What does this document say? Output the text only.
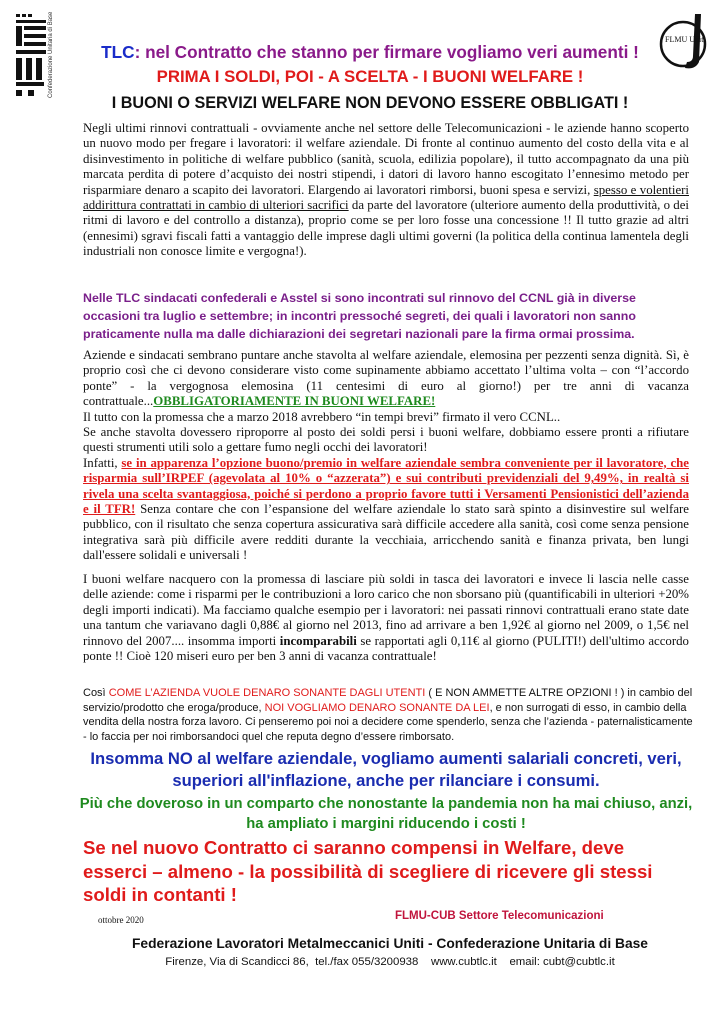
Confederazione Unitaria di Base	FLMU Uniti
TLC: nel Contratto che stanno per firmare vogliamo veri aumenti !
PRIMA I SOLDI, POI - A SCELTA - I BUONI WELFARE !
I BUONI O SERVIZI WELFARE NON DEVONO ESSERE OBBLIGATI !

Negli ultimi rinnovi contrattuali - ovviamente anche nel settore delle Telecomunicazioni - le aziende hanno scoperto un nuovo modo per fregare i lavoratori: il welfare aziendale. Di fronte al continuo aumento del costo della vita e al disinvestimento in politiche di welfare pubblico (sanità, scuola, edilizia popolare), il tutto accompagnato da una più marcata perdita di potere d’acquisto dei nostri stipendi, i datori di lavoro hanno escogitato l’ennesimo metodo per risparmiare denaro a scapito dei lavoratori. Elargendo ai lavoratori rimborsi, buoni spesa e servizi, spesso e volentieri addirittura contrattati in cambio di ulteriori sacrifici da parte del lavoratore (ulteriore aumento della produttività, o dei ritmi di lavoro e del controllo a distanza), proprio come se per loro fosse una concessione !! Il tutto grazie ad altri (ennesimi) sgravi fiscali fatti a vantaggio delle imprese dagli ultimi governi (la politica della continua lamentela degli industriali non conosce limite e vergogna!).

Nelle TLC sindacati confederali e Asstel si sono incontrati sul rinnovo del CCNL già in diverse occasioni tra luglio e settembre; in incontri pressoché segreti, dei quali i lavoratori non sanno praticamente nulla ma dalle dichiarazioni dei segretari nazionali pare la firma ormai prossima.

Aziende e sindacati sembrano puntare anche stavolta al welfare aziendale, elemosina per pezzenti senza dignità. Sì, è proprio così che ci devono considerare visto come supinamente abbiamo accettato l’ultima volta – con “l’accordo ponte” - la vergognosa elemosina (11 centesimi di euro al giorno!) per tre anni di vacanza contrattuale...OBBLIGATORIAMENTE IN BUONI WELFARE!

Il tutto con la promessa che a marzo 2018 avrebbero “in tempi brevi” firmato il vero CCNL..

Se anche stavolta dovessero riproporre al posto dei soldi persi i buoni welfare, dobbiamo essere pronti a rifiutare questi strumenti utili solo a gettare fumo negli occhi dei lavoratori!

Infatti, se in apparenza l’opzione buono/premio in welfare aziendale sembra conveniente per il lavoratore, che risparmia sull’IRPEF (agevolata al 10% o “azzerata”) e sui contributi previdenziali del 9,49%, in realtà si rivela una scelta svantaggiosa, poiché si perdono a proprio favore tutti i Versamenti Pensionistici dell’azienda e il TFR! Senza contare che con l’espansione del welfare aziendale lo stato sarà spinto a disinvestire sul welfare pubblico, con il risultato che senza copertura assicurativa sarà difficile accedere alla sanità, così come senza pensione integrativa sarà più difficile avere redditi durante la vecchiaia, arricchendo sanità e finanza privata, ben lungi dall'essere solidali e universali !

I buoni welfare nacquero con la promessa di lasciare più soldi in tasca dei lavoratori e invece li lascia nelle casse delle aziende: come i risparmi per le contribuzioni a loro carico che non sborsano più (quantificabili in ulteriori +20% degli importi indicati). Ma facciamo qualche esempio per i lavoratori: nei passati rinnovi contrattuali erano state date una tantum che variavano dagli 0,88€ al giorno nel 2013, fino ad arrivare a ben 1,92€ al giorno nel 2009, o 1,5€ nel rinnovo del 2007.... insomma importi incomparabili se rapportati agli 0,11€ al giorno (PULITI!) dell'ultimo accordo ponte !! Cioè 120 miseri euro per ben 3 anni di vacanza contrattuale!

Così COME L’AZIENDA VUOLE DENARO SONANTE DAGLI UTENTI ( E NON AMMETTE ALTRE OPZIONI ! ) in cambio del servizio/prodotto che eroga/produce, NOI VOGLIAMO DENARO SONANTE DA LEI, e non surrogati di esso, in cambio della vendita della nostra forza lavoro. Ci penseremo poi noi a decidere come spenderlo, senza che l’azienda - paternalisticamente - lo faccia per noi rimborsandoci quel che reputa degno d’essere rimborsato.
Insomma NO al welfare aziendale, vogliamo aumenti salariali concreti, veri, superiori all'inflazione, anche per rilanciare i consumi.
Più che doveroso in un comparto che nonostante la pandemia non ha mai chiuso, anzi, ha ampliato i margini riducendo i costi !
Se nel nuovo Contratto ci saranno compensi in Welfare, deve esserci – almeno - la possibilità di scegliere di ricevere gli stessi soldi in contanti !
ottobre 2020	FLMU-CUB Settore Telecomunicazioni
Federazione Lavoratori Metalmeccanici Uniti - Confederazione Unitaria di Base
Firenze, Via di Scandicci 86,  tel./fax 055/3200938    www.cubtlc.it    email: cubt@cubtlc.it
